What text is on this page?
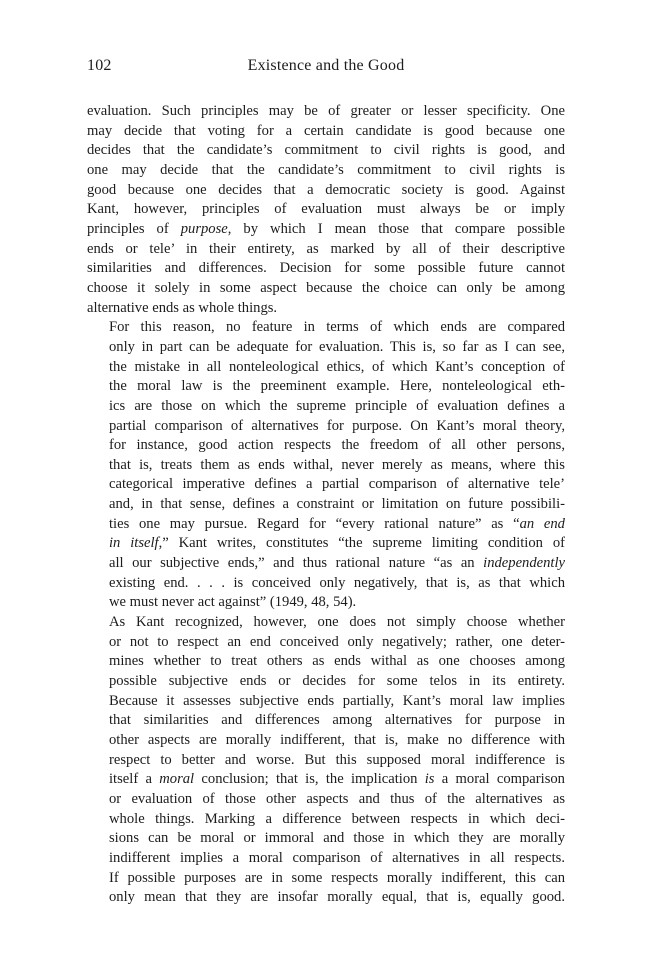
102	Existence and the Good

evaluation. Such principles may be of greater or lesser specificity. One
may decide that voting for a certain candidate is good because one
decides that the candidate’s commitment to civil rights is good, and
one may decide that the candidate’s commitment to civil rights is
good because one decides that a democratic society is good. Against
Kant, however, principles of evaluation must always be or imply
principles of purpose, by which I mean those that compare possible
ends or tele’ in their entirety, as marked by all of their descriptive
similarities and differences. Decision for some possible future cannot
choose it solely in some aspect because the choice can only be among
alternative ends as whole things.

For this reason, no feature in terms of which ends are compared
only in part can be adequate for evaluation. This is, so far as I can see,
the mistake in all nonteleological ethics, of which Kant’s conception of
the moral law is the preeminent example. Here, nonteleological eth-
ics are those on which the supreme principle of evaluation defines a
partial comparison of alternatives for purpose. On Kant’s moral theory,
for instance, good action respects the freedom of all other persons,
that is, treats them as ends withal, never merely as means, where this
categorical imperative defines a partial comparison of alternative tele’
and, in that sense, defines a constraint or limitation on future possibili-
ties one may pursue. Regard for “every rational nature” as “an end
in itself,” Kant writes, constitutes “the supreme limiting condition of
all our subjective ends,” and thus rational nature “as an independently
existing end. . . . is conceived only negatively, that is, as that which
we must never act against” (1949, 48, 54).

As Kant recognized, however, one does not simply choose whether
or not to respect an end conceived only negatively; rather, one deter-
mines whether to treat others as ends withal as one chooses among
possible subjective ends or decides for some telos in its entirety.
Because it assesses subjective ends partially, Kant’s moral law implies
that similarities and differences among alternatives for purpose in
other aspects are morally indifferent, that is, make no difference with
respect to better and worse. But this supposed moral indifference is
itself a moral conclusion; that is, the implication is a moral comparison
or evaluation of those other aspects and thus of the alternatives as
whole things. Marking a difference between respects in which deci-
sions can be moral or immoral and those in which they are morally
indifferent implies a moral comparison of alternatives in all respects.
If possible purposes are in some respects morally indifferent, this can
only mean that they are insofar morally equal, that is, equally good.
